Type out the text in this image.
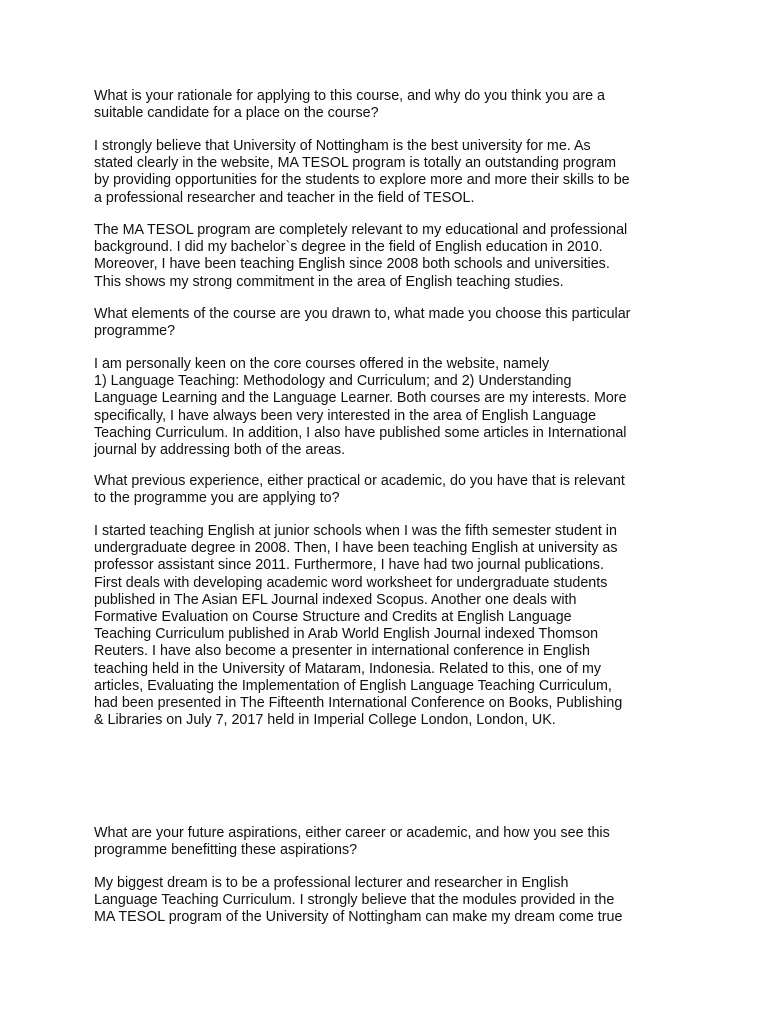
What is your rationale for applying to this course, and why do you think you are a
suitable candidate for a place on the course?

I strongly believe that University of Nottingham is the best university for me. As
stated clearly in the website, MA TESOL program is totally an outstanding program
by providing opportunities for the students to explore more and more their skills to be
a professional researcher and teacher in the field of TESOL.

The MA TESOL program are completely relevant to my educational and professional
background. I did my bachelor`s degree in the field of English education in 2010.
Moreover, I have been teaching English since 2008 both schools and universities.
This shows my strong commitment in the area of English teaching studies.

What elements of the course are you drawn to, what made you choose this particular
programme?

I am personally keen on the core courses offered in the website, namely
1) Language Teaching: Methodology and Curriculum; and 2) Understanding
Language Learning and the Language Learner. Both courses are my interests. More
specifically, I have always been very interested in the area of English Language
Teaching Curriculum. In addition, I also have published some articles in International
journal by addressing both of the areas.

What previous experience, either practical or academic, do you have that is relevant
to the programme you are applying to?

I started teaching English at junior schools when I was the fifth semester student in
undergraduate degree in 2008. Then, I have been teaching English at university as
professor assistant since 2011. Furthermore, I have had two journal publications.
First deals with developing academic word worksheet for undergraduate students
published in The Asian EFL Journal indexed Scopus. Another one deals with
Formative Evaluation on Course Structure and Credits at English Language
Teaching Curriculum published in Arab World English Journal indexed Thomson
Reuters. I have also become a presenter in international conference in English
teaching held in the University of Mataram, Indonesia. Related to this, one of my
articles, Evaluating the Implementation of English Language Teaching Curriculum,
had been presented in The Fifteenth International Conference on Books, Publishing
& Libraries on July 7, 2017 held in Imperial College London, London, UK.

What are your future aspirations, either career or academic, and how you see this
programme benefitting these aspirations?

My biggest dream is to be a professional lecturer and researcher in English
Language Teaching Curriculum. I strongly believe that the modules provided in the
MA TESOL program of the University of Nottingham can make my dream come true
